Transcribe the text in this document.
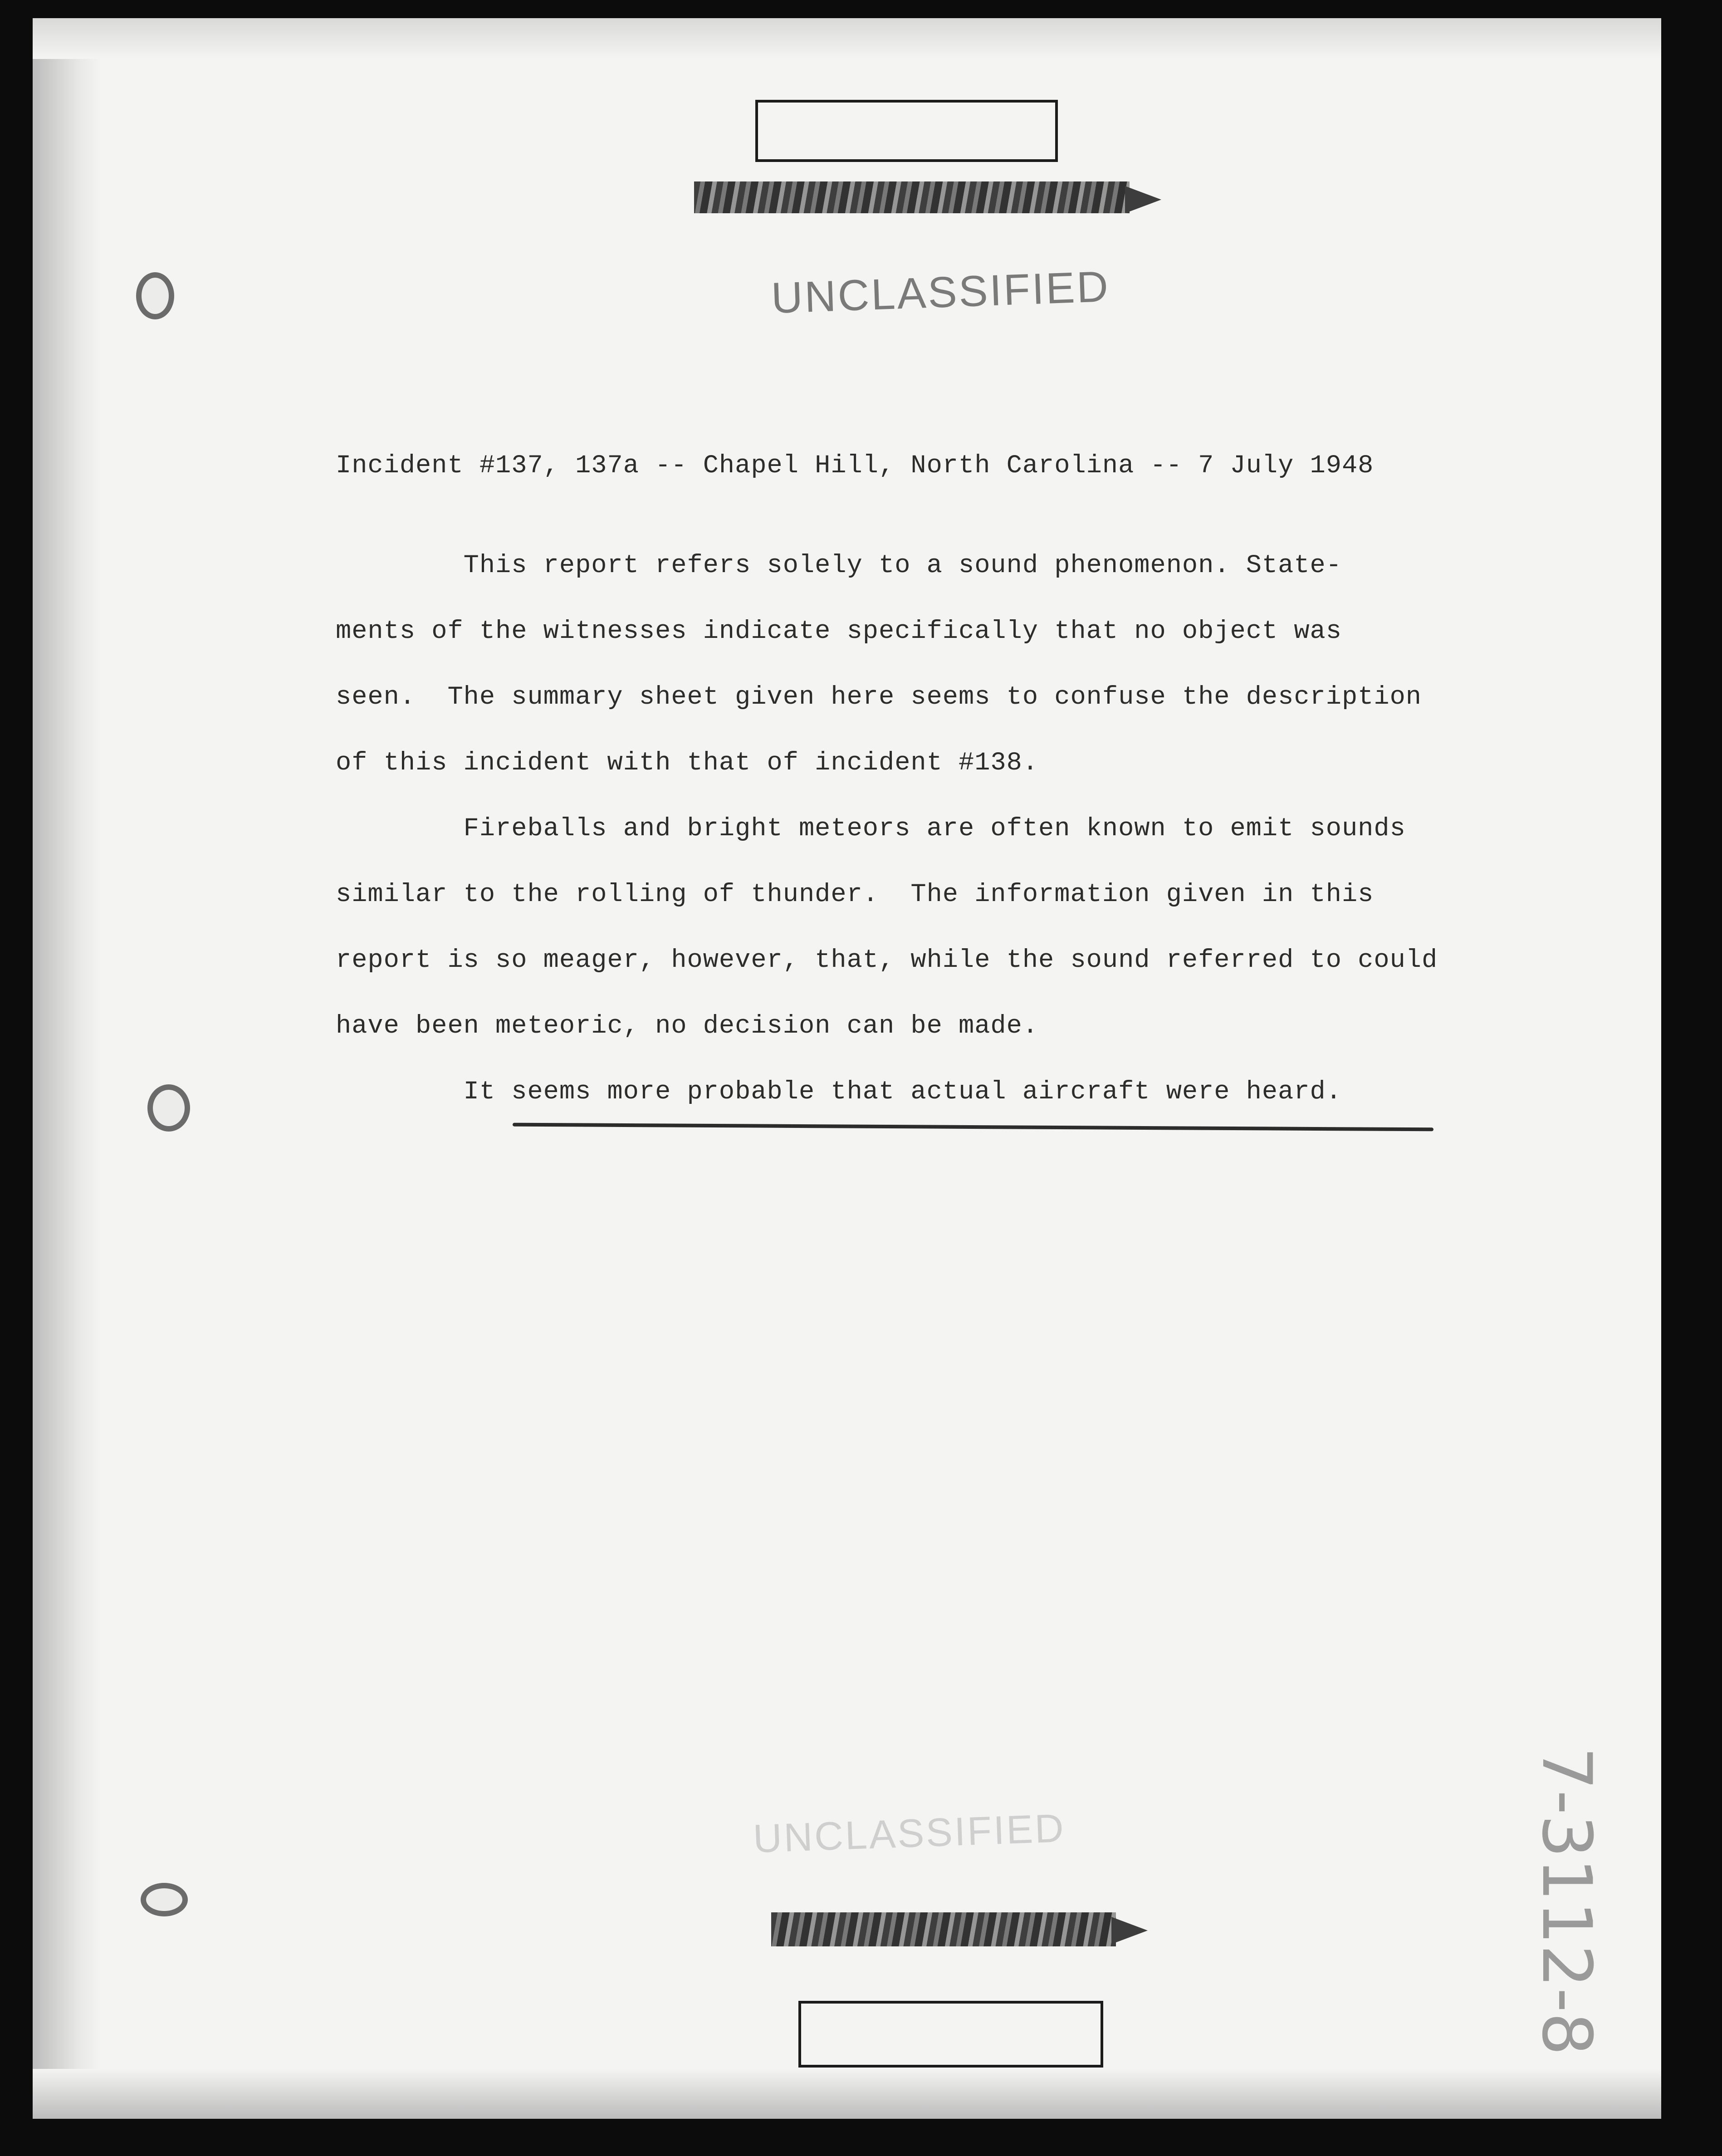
UNCLASSIFIED
Incident #137, 137a -- Chapel Hill, North Carolina -- 7 July 1948
This report refers solely to a sound phenomenon. State-
ments of the witnesses indicate specifically that no object was
seen.  The summary sheet given here seems to confuse the description
of this incident with that of incident #138.
Fireballs and bright meteors are often known to emit sounds
similar to the rolling of thunder.  The information given in this
report is so meager, however, that, while the sound referred to could
have been meteoric, no decision can be made.
It seems more probable that actual aircraft were heard.
UNCLASSIFIED	7-3112-8
